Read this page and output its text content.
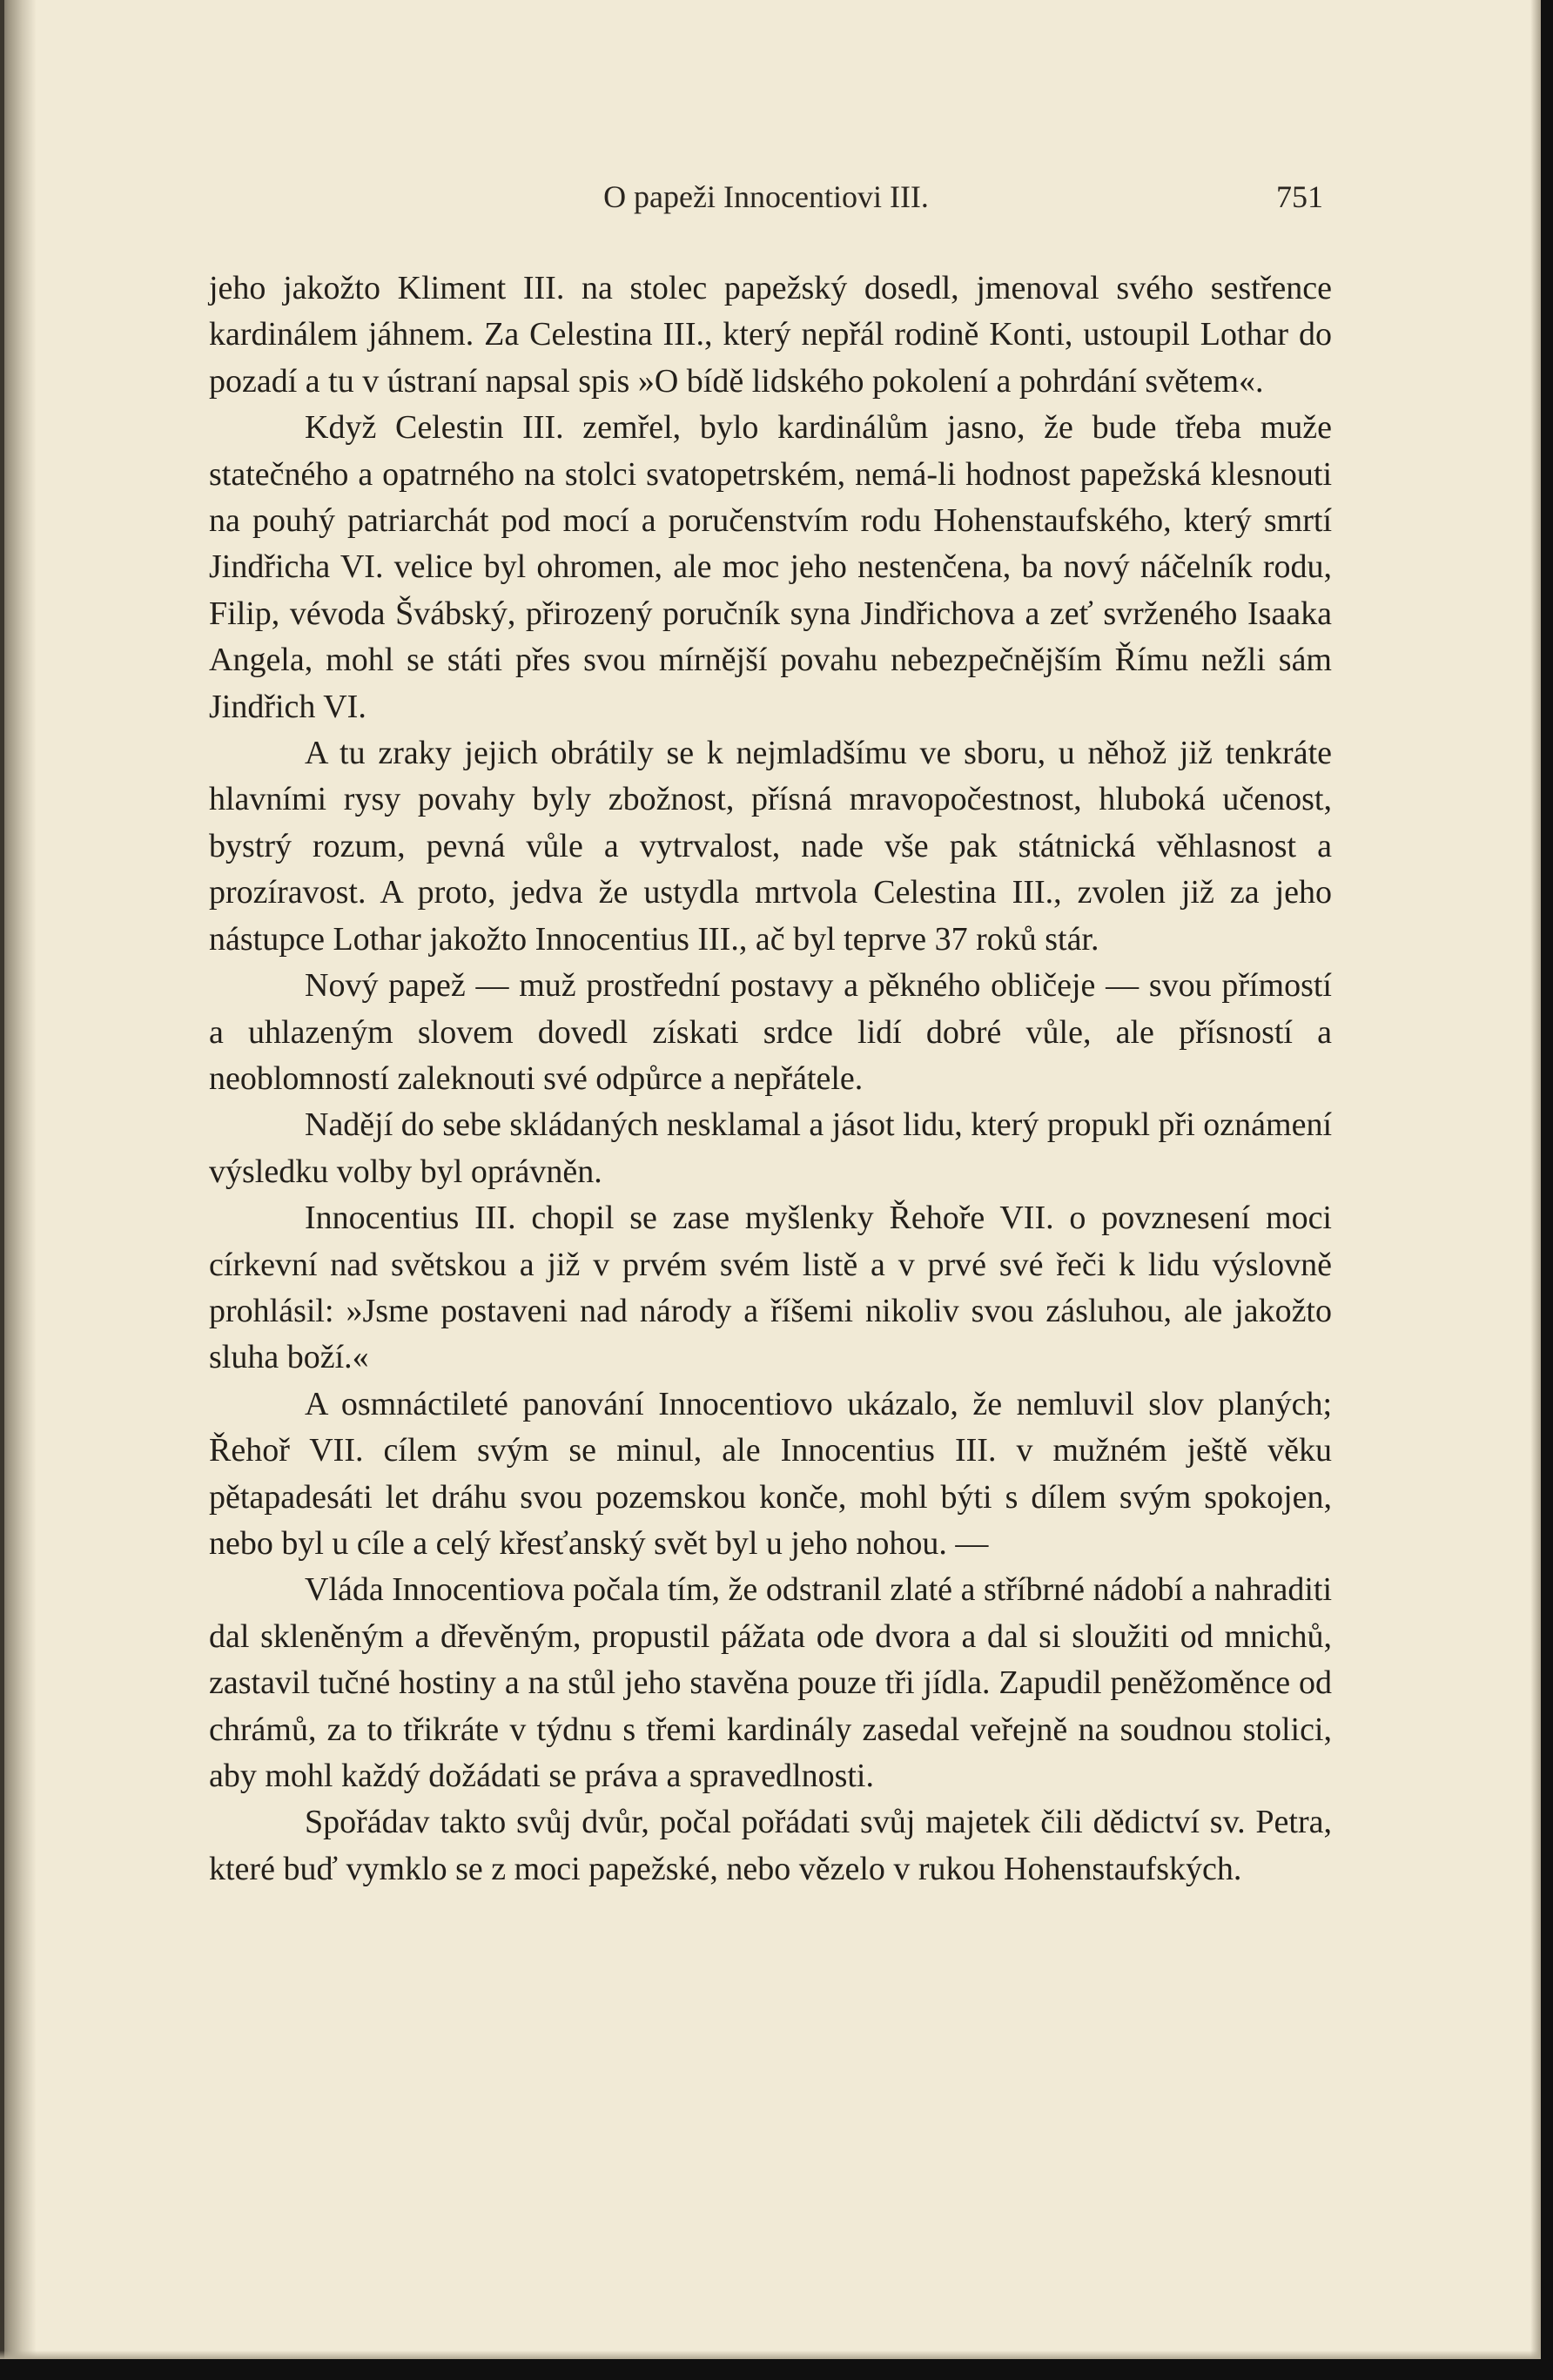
O papeži Innocentiovi III.	751

jeho jakožto Kliment III. na stolec papežský dosedl, jmenoval svého sestřence kardinálem jáhnem. Za Celestina III., který nepřál rodině Konti, ustoupil Lothar do pozadí a tu v ústraní napsal spis »O bídě lidského pokolení a pohrdání světem«.

Když Celestin III. zemřel, bylo kardinálům jasno, že bude třeba muže statečného a opatrného na stolci svatopetrském, nemá-li hodnost papežská klesnouti na pouhý patriarchát pod mocí a poručenstvím rodu Hohenstaufského, který smrtí Jindřicha VI. velice byl ohromen, ale moc jeho nestenčena, ba nový náčelník rodu, Filip, vévoda Švábský, přirozený poručník syna Jindřichova a zeť svrženého Isaaka Angela, mohl se státi přes svou mírnější povahu nebezpečnějším Římu nežli sám Jindřich VI.

A tu zraky jejich obrátily se k nejmladšímu ve sboru, u něhož již tenkráte hlavními rysy povahy byly zbožnost, přísná mravopočestnost, hluboká učenost, bystrý rozum, pevná vůle a vytrvalost, nade vše pak státnická věhlasnost a prozíravost. A proto, jedva že ustydla mrtvola Celestina III., zvolen již za jeho nástupce Lothar jakožto Innocentius III., ač byl teprve 37 roků stár.

Nový papež — muž prostřední postavy a pěkného obličeje — svou přímostí a uhlazeným slovem dovedl získati srdce lidí dobré vůle, ale přísností a neoblomností zaleknouti své odpůrce a nepřátele.

Nadějí do sebe skládaných nesklamal a jásot lidu, který propukl při oznámení výsledku volby byl oprávněn.

Innocentius III. chopil se zase myšlenky Řehoře VII. o povznesení moci církevní nad světskou a již v prvém svém listě a v prvé své řeči k lidu výslovně prohlásil: »Jsme postaveni nad národy a říšemi nikoliv svou zásluhou, ale jakožto sluha boží.«

A osmnáctileté panování Innocentiovo ukázalo, že nemluvil slov planých; Řehoř VII. cílem svým se minul, ale Innocentius III. v mužném ještě věku pětapadesáti let dráhu svou pozemskou konče, mohl býti s dílem svým spokojen, nebo byl u cíle a celý křesťanský svět byl u jeho nohou. —

Vláda Innocentiova počala tím, že odstranil zlaté a stříbrné nádobí a nahraditi dal skleněným a dřevěným, propustil pážata ode dvora a dal si sloužiti od mnichů, zastavil tučné hostiny a na stůl jeho stavěna pouze tři jídla. Zapudil peněžoměnce od chrámů, za to třikráte v týdnu s třemi kardinály zasedal veřejně na soudnou stolici, aby mohl každý dožádati se práva a spravedlnosti.

Spořádav takto svůj dvůr, počal pořádati svůj majetek čili dědictví sv. Petra, které buď vymklo se z moci papežské, nebo vězelo v rukou Hohenstaufských.
